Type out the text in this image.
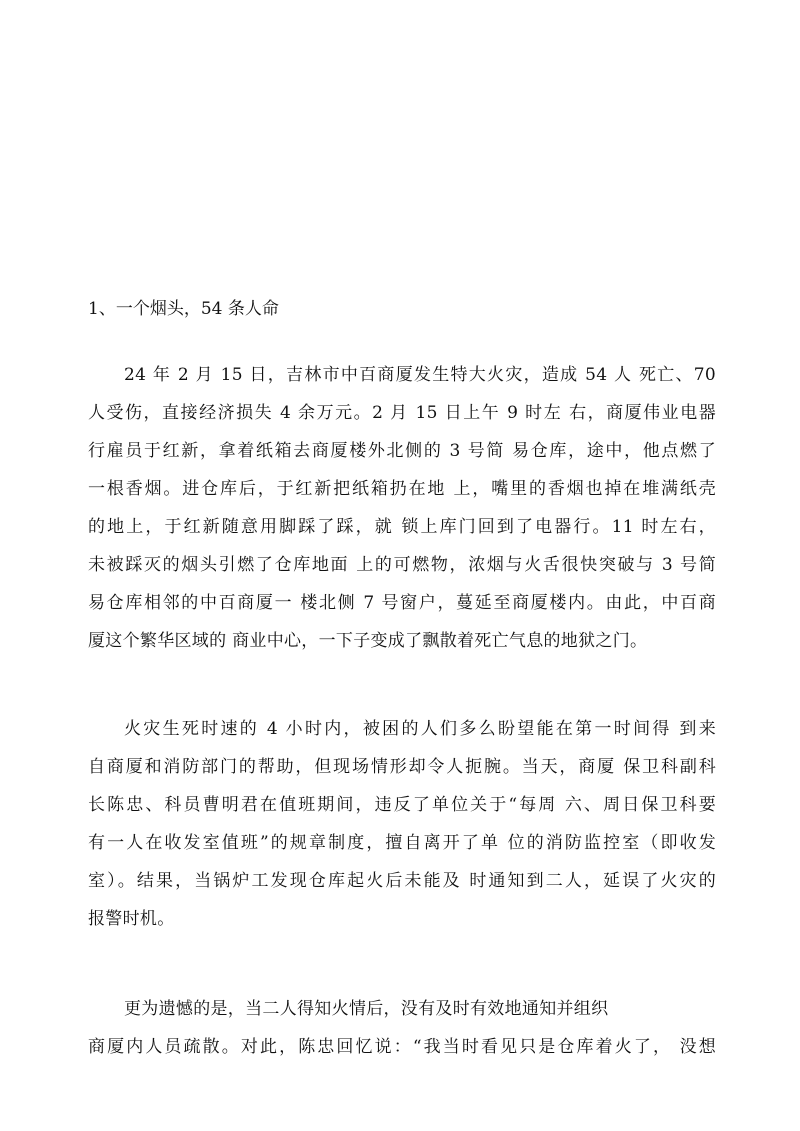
1、一个烟头，54 条人命
24 年 2 月 15 日，吉林市中百商厦发生特大火灾，造成 54 人 死亡、70
人受伤，直接经济损失 4 余万元。2 月 15 日上午 9 时左 右，商厦伟业电器
行雇员于红新，拿着纸箱去商厦楼外北侧的 3 号简 易仓库，途中，他点燃了
一根香烟。进仓库后，于红新把纸箱扔在地 上，嘴里的香烟也掉在堆满纸壳
的地上，于红新随意用脚踩了踩，就 锁上库门回到了电器行。11 时左右，
未被踩灭的烟头引燃了仓库地面 上的可燃物，浓烟与火舌很快突破与 3 号简
易仓库相邻的中百商厦一 楼北侧 7 号窗户，蔓延至商厦楼内。由此，中百商
厦这个繁华区域的 商业中心，一下子变成了飘散着死亡气息的地狱之门。
火灾生死时速的 4 小时内，被困的人们多么盼望能在第一时间得 到来
自商厦和消防部门的帮助，但现场情形却令人扼腕。当天，商厦 保卫科副科
长陈忠、科员曹明君在值班期间，违反了单位关于“每周 六、周日保卫科要
有一人在收发室值班”的规章制度，擅自离开了单 位的消防监控室（即收发
室）。结果，当锅炉工发现仓库起火后未能及 时通知到二人，延误了火灾的
报警时机。
更为遗憾的是，当二人得知火情后，没有及时有效地通知并组织
商厦内人员疏散。对此，陈忠回忆说：“我当时看见只是仓库着火了， 没想
